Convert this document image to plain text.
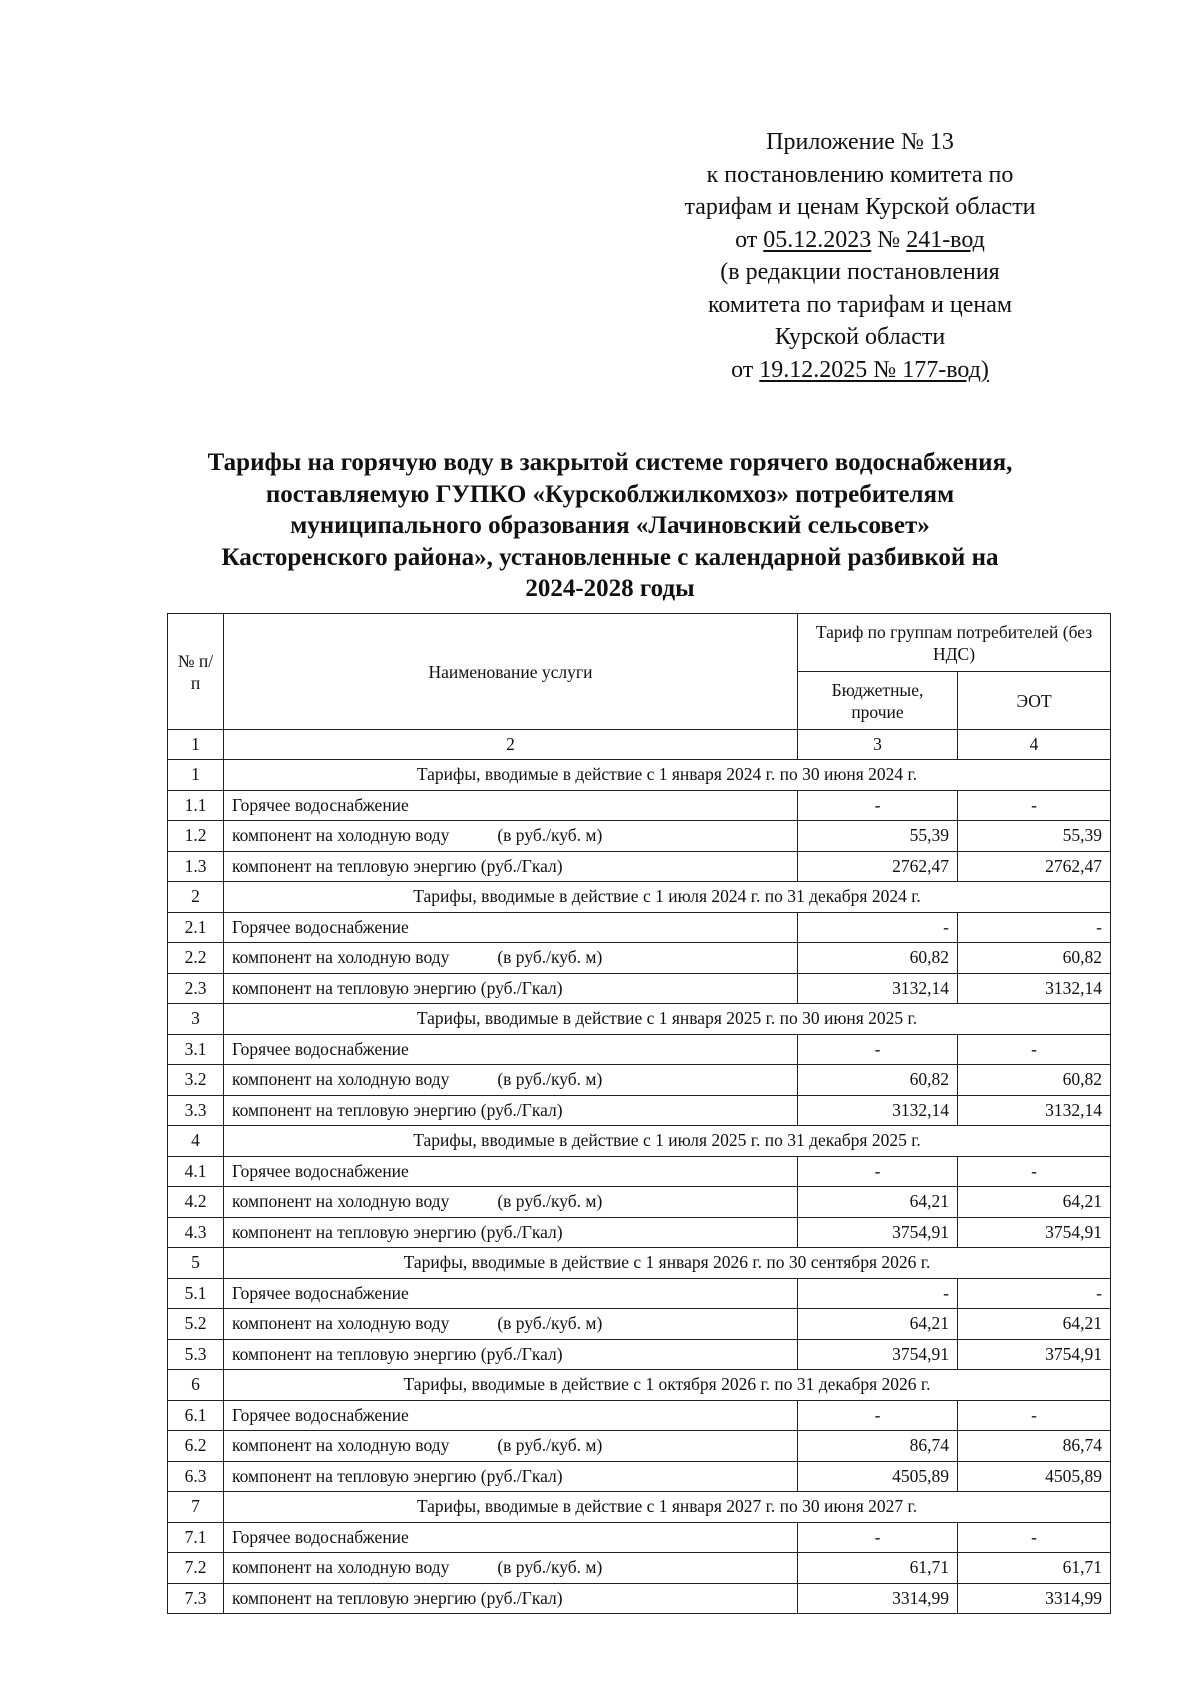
Приложение № 13
к постановлению комитета по
тарифам и ценам Курской области
от 05.12.2023 № 241-вод
(в редакции постановления
комитета по тарифам и ценам
Курской области
от 19.12.2025 № 177-вод)
Тарифы на горячую воду в закрытой системе горячего водоснабжения,
поставляемую ГУПКО «Курскоблжилкомхоз» потребителям
муниципального образования «Лачиновский сельсовет»
Касторенского района», установленные с календарной разбивкой на
2024-2028 годы
№ п/п	Наименование услуги	Тариф по группам потребителей (без НДС)	
		Бюджетные, прочие	ЭОТ
1	2	3	4
1	Тарифы, вводимые в действие с 1 января 2024 г. по 30 июня 2024 г.		
1.1	Горячее водоснабжение	-	-
1.2	компонент на холодную воду (в руб./куб. м)	55,39	55,39
1.3	компонент на тепловую энергию (руб./Гкал)	2762,47	2762,47
2	Тарифы, вводимые в действие с 1 июля 2024 г. по 31 декабря 2024 г.		
2.1	Горячее водоснабжение	-	-
2.2	компонент на холодную воду (в руб./куб. м)	60,82	60,82
2.3	компонент на тепловую энергию (руб./Гкал)	3132,14	3132,14
3	Тарифы, вводимые в действие с 1 января 2025 г. по 30 июня 2025 г.		
3.1	Горячее водоснабжение	-	-
3.2	компонент на холодную воду (в руб./куб. м)	60,82	60,82
3.3	компонент на тепловую энергию (руб./Гкал)	3132,14	3132,14
4	Тарифы, вводимые в действие с 1 июля 2025 г. по 31 декабря 2025 г.		
4.1	Горячее водоснабжение	-	-
4.2	компонент на холодную воду (в руб./куб. м)	64,21	64,21
4.3	компонент на тепловую энергию (руб./Гкал)	3754,91	3754,91
5	Тарифы, вводимые в действие с 1 января 2026 г. по 30 сентября 2026 г.		
5.1	Горячее водоснабжение	-	-
5.2	компонент на холодную воду (в руб./куб. м)	64,21	64,21
5.3	компонент на тепловую энергию (руб./Гкал)	3754,91	3754,91
6	Тарифы, вводимые в действие с 1 октября 2026 г. по 31 декабря 2026 г.		
6.1	Горячее водоснабжение	-	-
6.2	компонент на холодную воду (в руб./куб. м)	86,74	86,74
6.3	компонент на тепловую энергию (руб./Гкал)	4505,89	4505,89
7	Тарифы, вводимые в действие с 1 января 2027 г. по 30 июня 2027 г.		
7.1	Горячее водоснабжение	-	-
7.2	компонент на холодную воду (в руб./куб. м)	61,71	61,71
7.3	компонент на тепловую энергию (руб./Гкал)	3314,99	3314,99
